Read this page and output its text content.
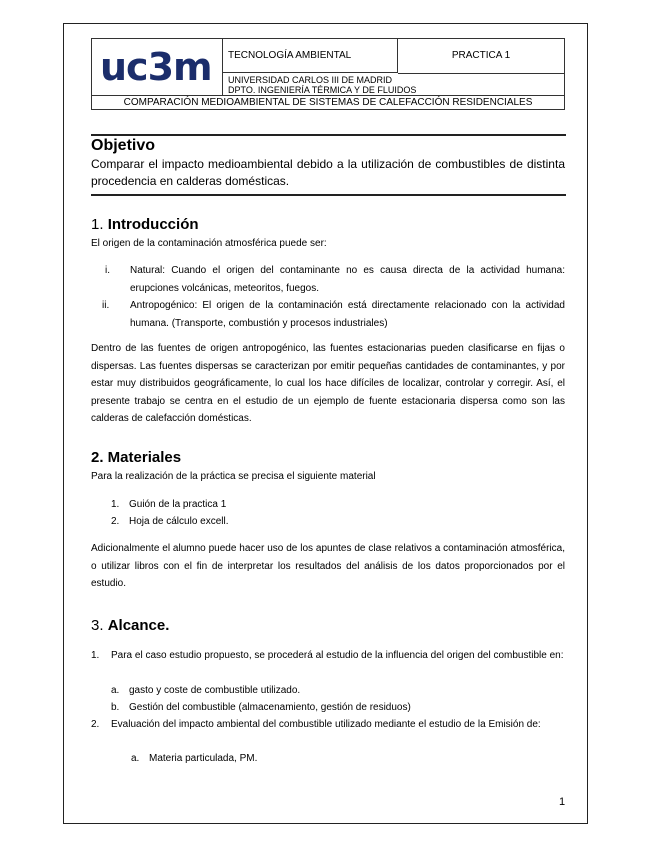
uc3m	TECNOLOGÍA AMBIENTAL	PRACTICA 1
UNIVERSIDAD CARLOS III DE MADRID
DPTO. INGENIERÍA TÉRMICA Y DE FLUIDOS
COMPARACIÓN MEDIOAMBIENTAL DE SISTEMAS DE CALEFACCIÓN RESIDENCIALES
Objetivo
Comparar el impacto medioambiental debido a la utilización de combustibles de distinta procedencia en calderas domésticas.
1. Introducción
El origen de la contaminación atmosférica puede ser:
i. Natural: Cuando el origen del contaminante no es causa directa de la actividad humana: erupciones volcánicas, meteoritos, fuegos.
ii. Antropogénico: El origen de la contaminación está directamente relacionado con la actividad humana. (Transporte, combustión y procesos industriales)
Dentro de las fuentes de origen antropogénico, las fuentes estacionarias pueden clasificarse en fijas o dispersas. Las fuentes dispersas se caracterizan por emitir pequeñas cantidades de contaminantes, y por estar muy distribuidos geográficamente, lo cual los hace difíciles de localizar, controlar y corregir. Así, el presente trabajo se centra en el estudio de un ejemplo de fuente estacionaria dispersa como son las calderas de calefacción domésticas.
2. Materiales
Para la realización de la práctica se precisa el siguiente material
1. Guión de la practica 1
2. Hoja de cálculo excell.
Adicionalmente el alumno puede hacer uso de los apuntes de clase relativos a contaminación atmosférica, o utilizar libros con el fin de interpretar los resultados del análisis de los datos proporcionados por el estudio.
3. Alcance.
1. Para el caso estudio propuesto, se procederá al estudio de la influencia del origen del combustible en:
a. gasto y coste de combustible utilizado.
b. Gestión del combustible (almacenamiento, gestión de residuos)
2. Evaluación del impacto ambiental del combustible utilizado mediante el estudio de la Emisión de:
a. Materia particulada, PM.
1
